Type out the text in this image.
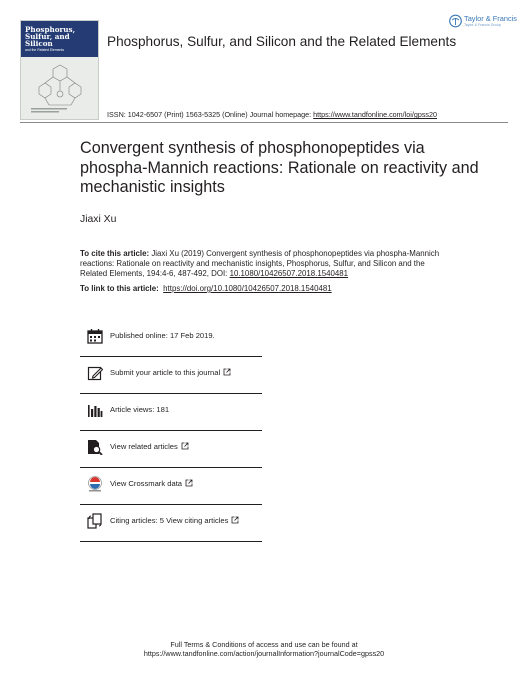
Phosphorus,
Sulfur, and
Silicon
and the Related Elements
Phosphorus, Sulfur, and Silicon and the Related Elements
Taylor & Francis
Taylor & Francis Group
ISSN: 1042-6507 (Print) 1563-5325 (Online) Journal homepage: https://www.tandfonline.com/loi/gpss20
Convergent synthesis of phosphonopeptides via phospha-Mannich reactions: Rationale on reactivity and mechanistic insights
Jiaxi Xu
To cite this article: Jiaxi Xu (2019) Convergent synthesis of phosphonopeptides via phospha-Mannich reactions: Rationale on reactivity and mechanistic insights, Phosphorus, Sulfur, and Silicon and the Related Elements, 194:4-6, 487-492, DOI: 10.1080/10426507.2018.1540481
To link to this article: https://doi.org/10.1080/10426507.2018.1540481
Published online: 17 Feb 2019.
Submit your article to this journal
Article views: 181
View related articles
View Crossmark data
Citing articles: 5 View citing articles
Full Terms & Conditions of access and use can be found at
https://www.tandfonline.com/action/journalInformation?journalCode=gpss20
